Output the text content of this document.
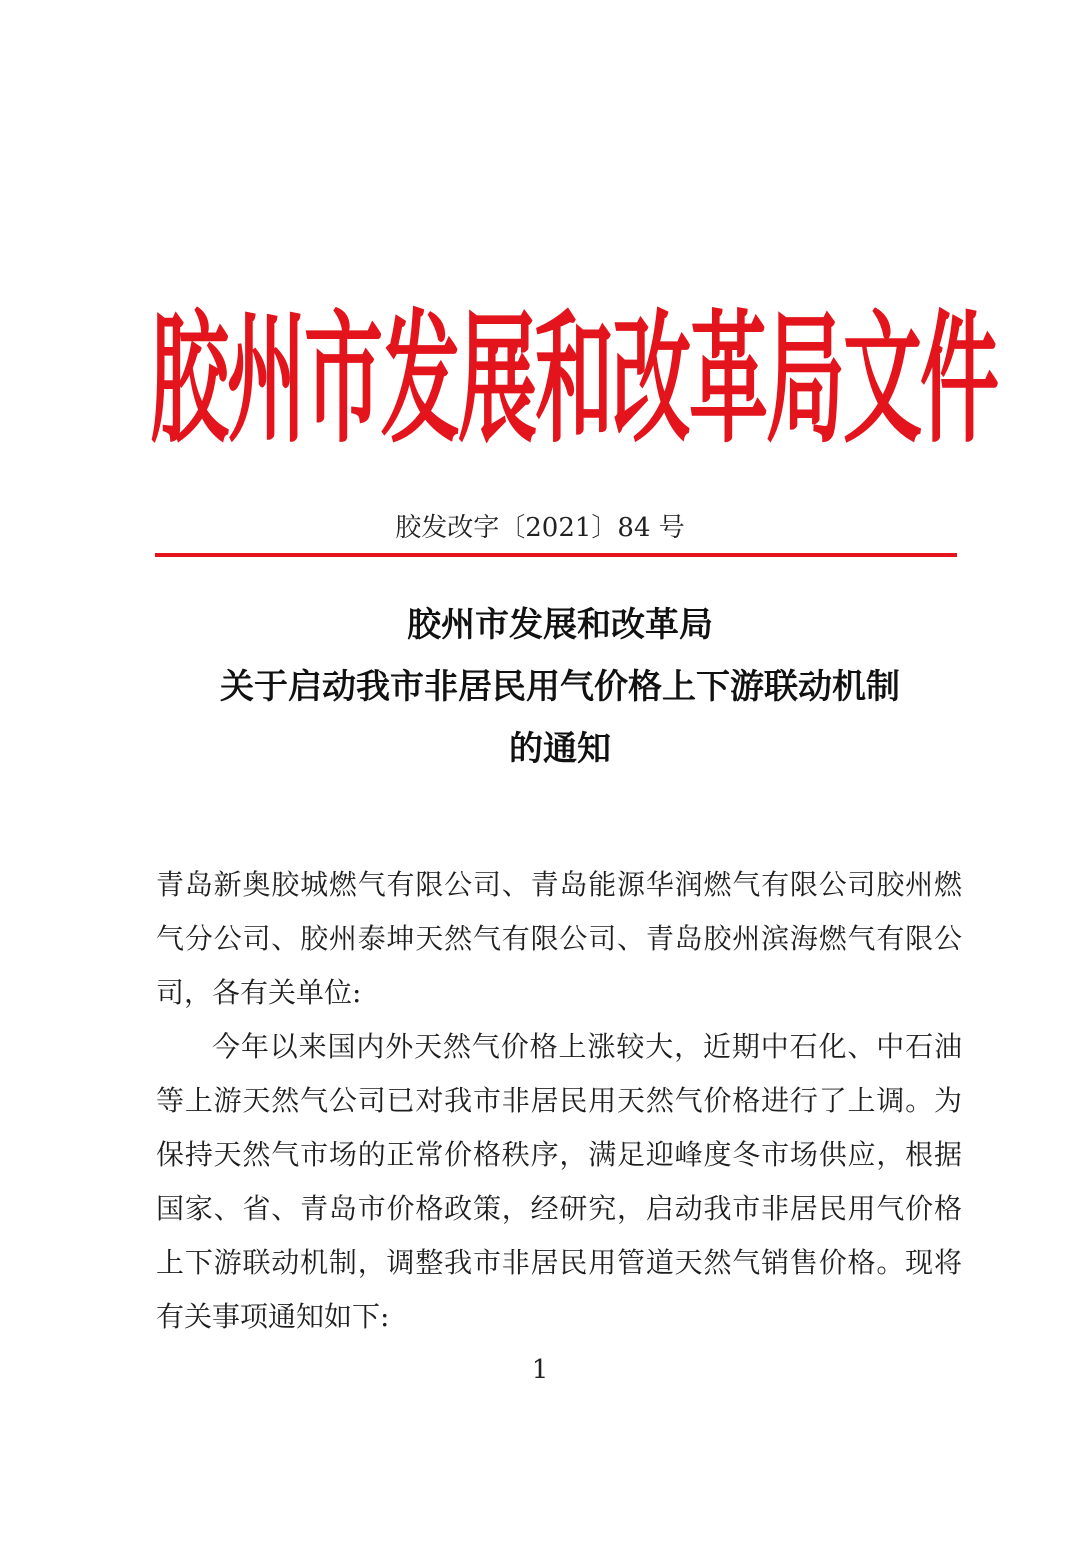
胶州市发展和改革局文件
胶发改字〔2021〕84 号
胶州市发展和改革局
关于启动我市非居民用气价格上下游联动机制
的通知

青岛新奥胶城燃气有限公司、青岛能源华润燃气有限公司胶州燃气分公司、胶州泰坤天然气有限公司、青岛胶州滨海燃气有限公司，各有关单位:

今年以来国内外天然气价格上涨较大，近期中石化、中石油等上游天然气公司已对我市非居民用天然气价格进行了上调。为保持天然气市场的正常价格秩序，满足迎峰度冬市场供应，根据国家、省、青岛市价格政策，经研究，启动我市非居民用气价格上下游联动机制，调整我市非居民用管道天然气销售价格。现将有关事项通知如下:

1
